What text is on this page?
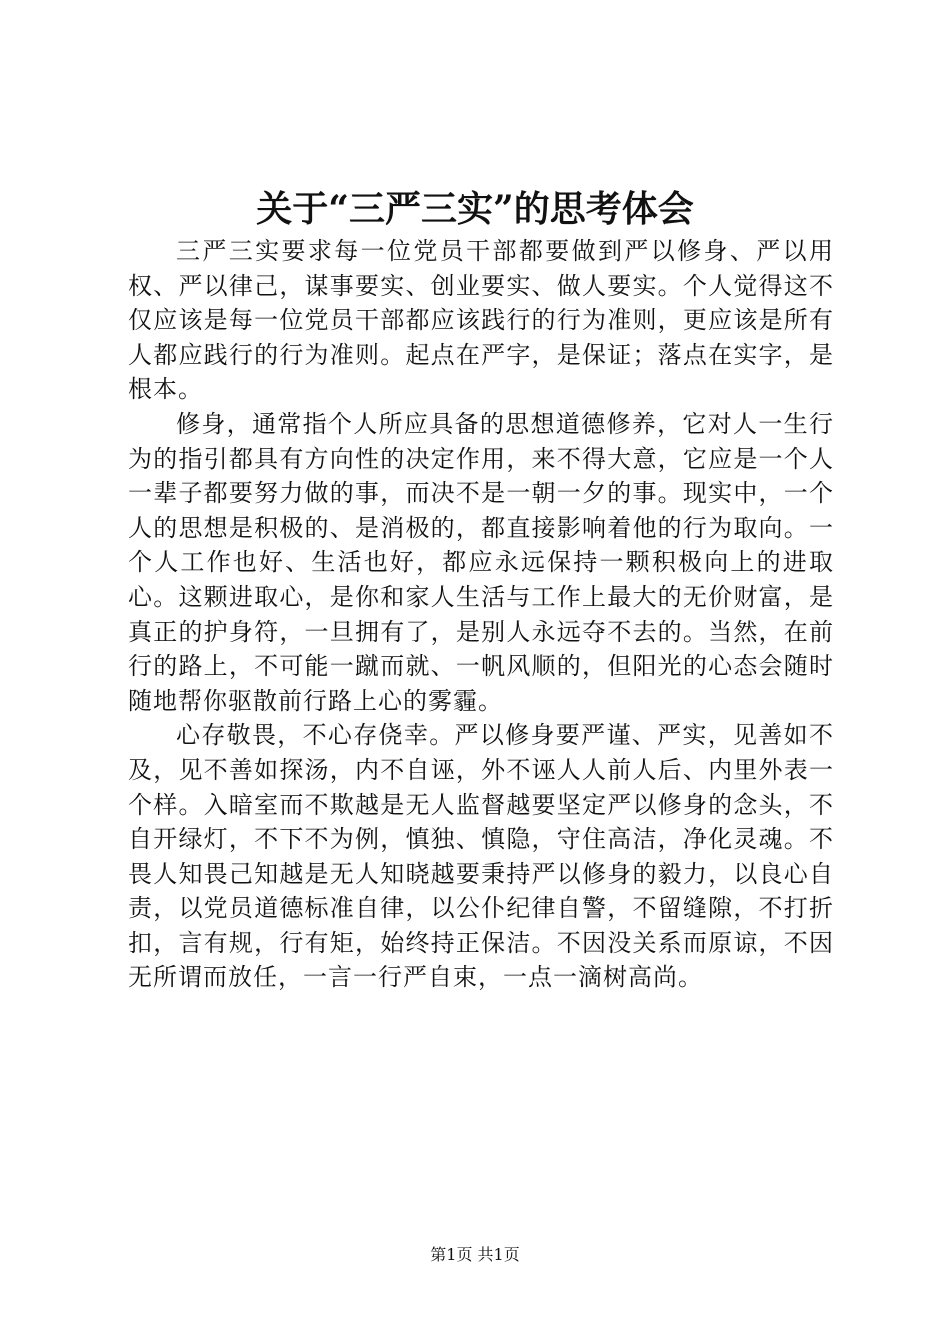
关于“三严三实”的思考体会

三严三实要求每一位党员干部都要做到严以修身、严以用权、严以律己，谋事要实、创业要实、做人要实。个人觉得这不仅应该是每一位党员干部都应该践行的行为准则，更应该是所有人都应践行的行为准则。起点在严字，是保证；落点在实字，是根本。

修身，通常指个人所应具备的思想道德修养，它对人一生行为的指引都具有方向性的决定作用，来不得大意，它应是一个人一辈子都要努力做的事，而决不是一朝一夕的事。现实中，一个人的思想是积极的、是消极的，都直接影响着他的行为取向。一个人工作也好、生活也好，都应永远保持一颗积极向上的进取心。这颗进取心，是你和家人生活与工作上最大的无价财富，是真正的护身符，一旦拥有了，是别人永远夺不去的。当然，在前行的路上，不可能一蹴而就、一帆风顺的，但阳光的心态会随时随地帮你驱散前行路上心的雾霾。

心存敬畏，不心存侥幸。严以修身要严谨、严实，见善如不及，见不善如探汤，内不自诬，外不诬人人前人后、内里外表一个样。入暗室而不欺越是无人监督越要坚定严以修身的念头，不自开绿灯，不下不为例，慎独、慎隐，守住高洁，净化灵魂。不畏人知畏己知越是无人知晓越要秉持严以修身的毅力，以良心自责，以党员道德标准自律，以公仆纪律自警，不留缝隙，不打折扣，言有规，行有矩，始终持正保洁。不因没关系而原谅，不因无所谓而放任，一言一行严自束，一点一滴树高尚。

第1页 共1页
